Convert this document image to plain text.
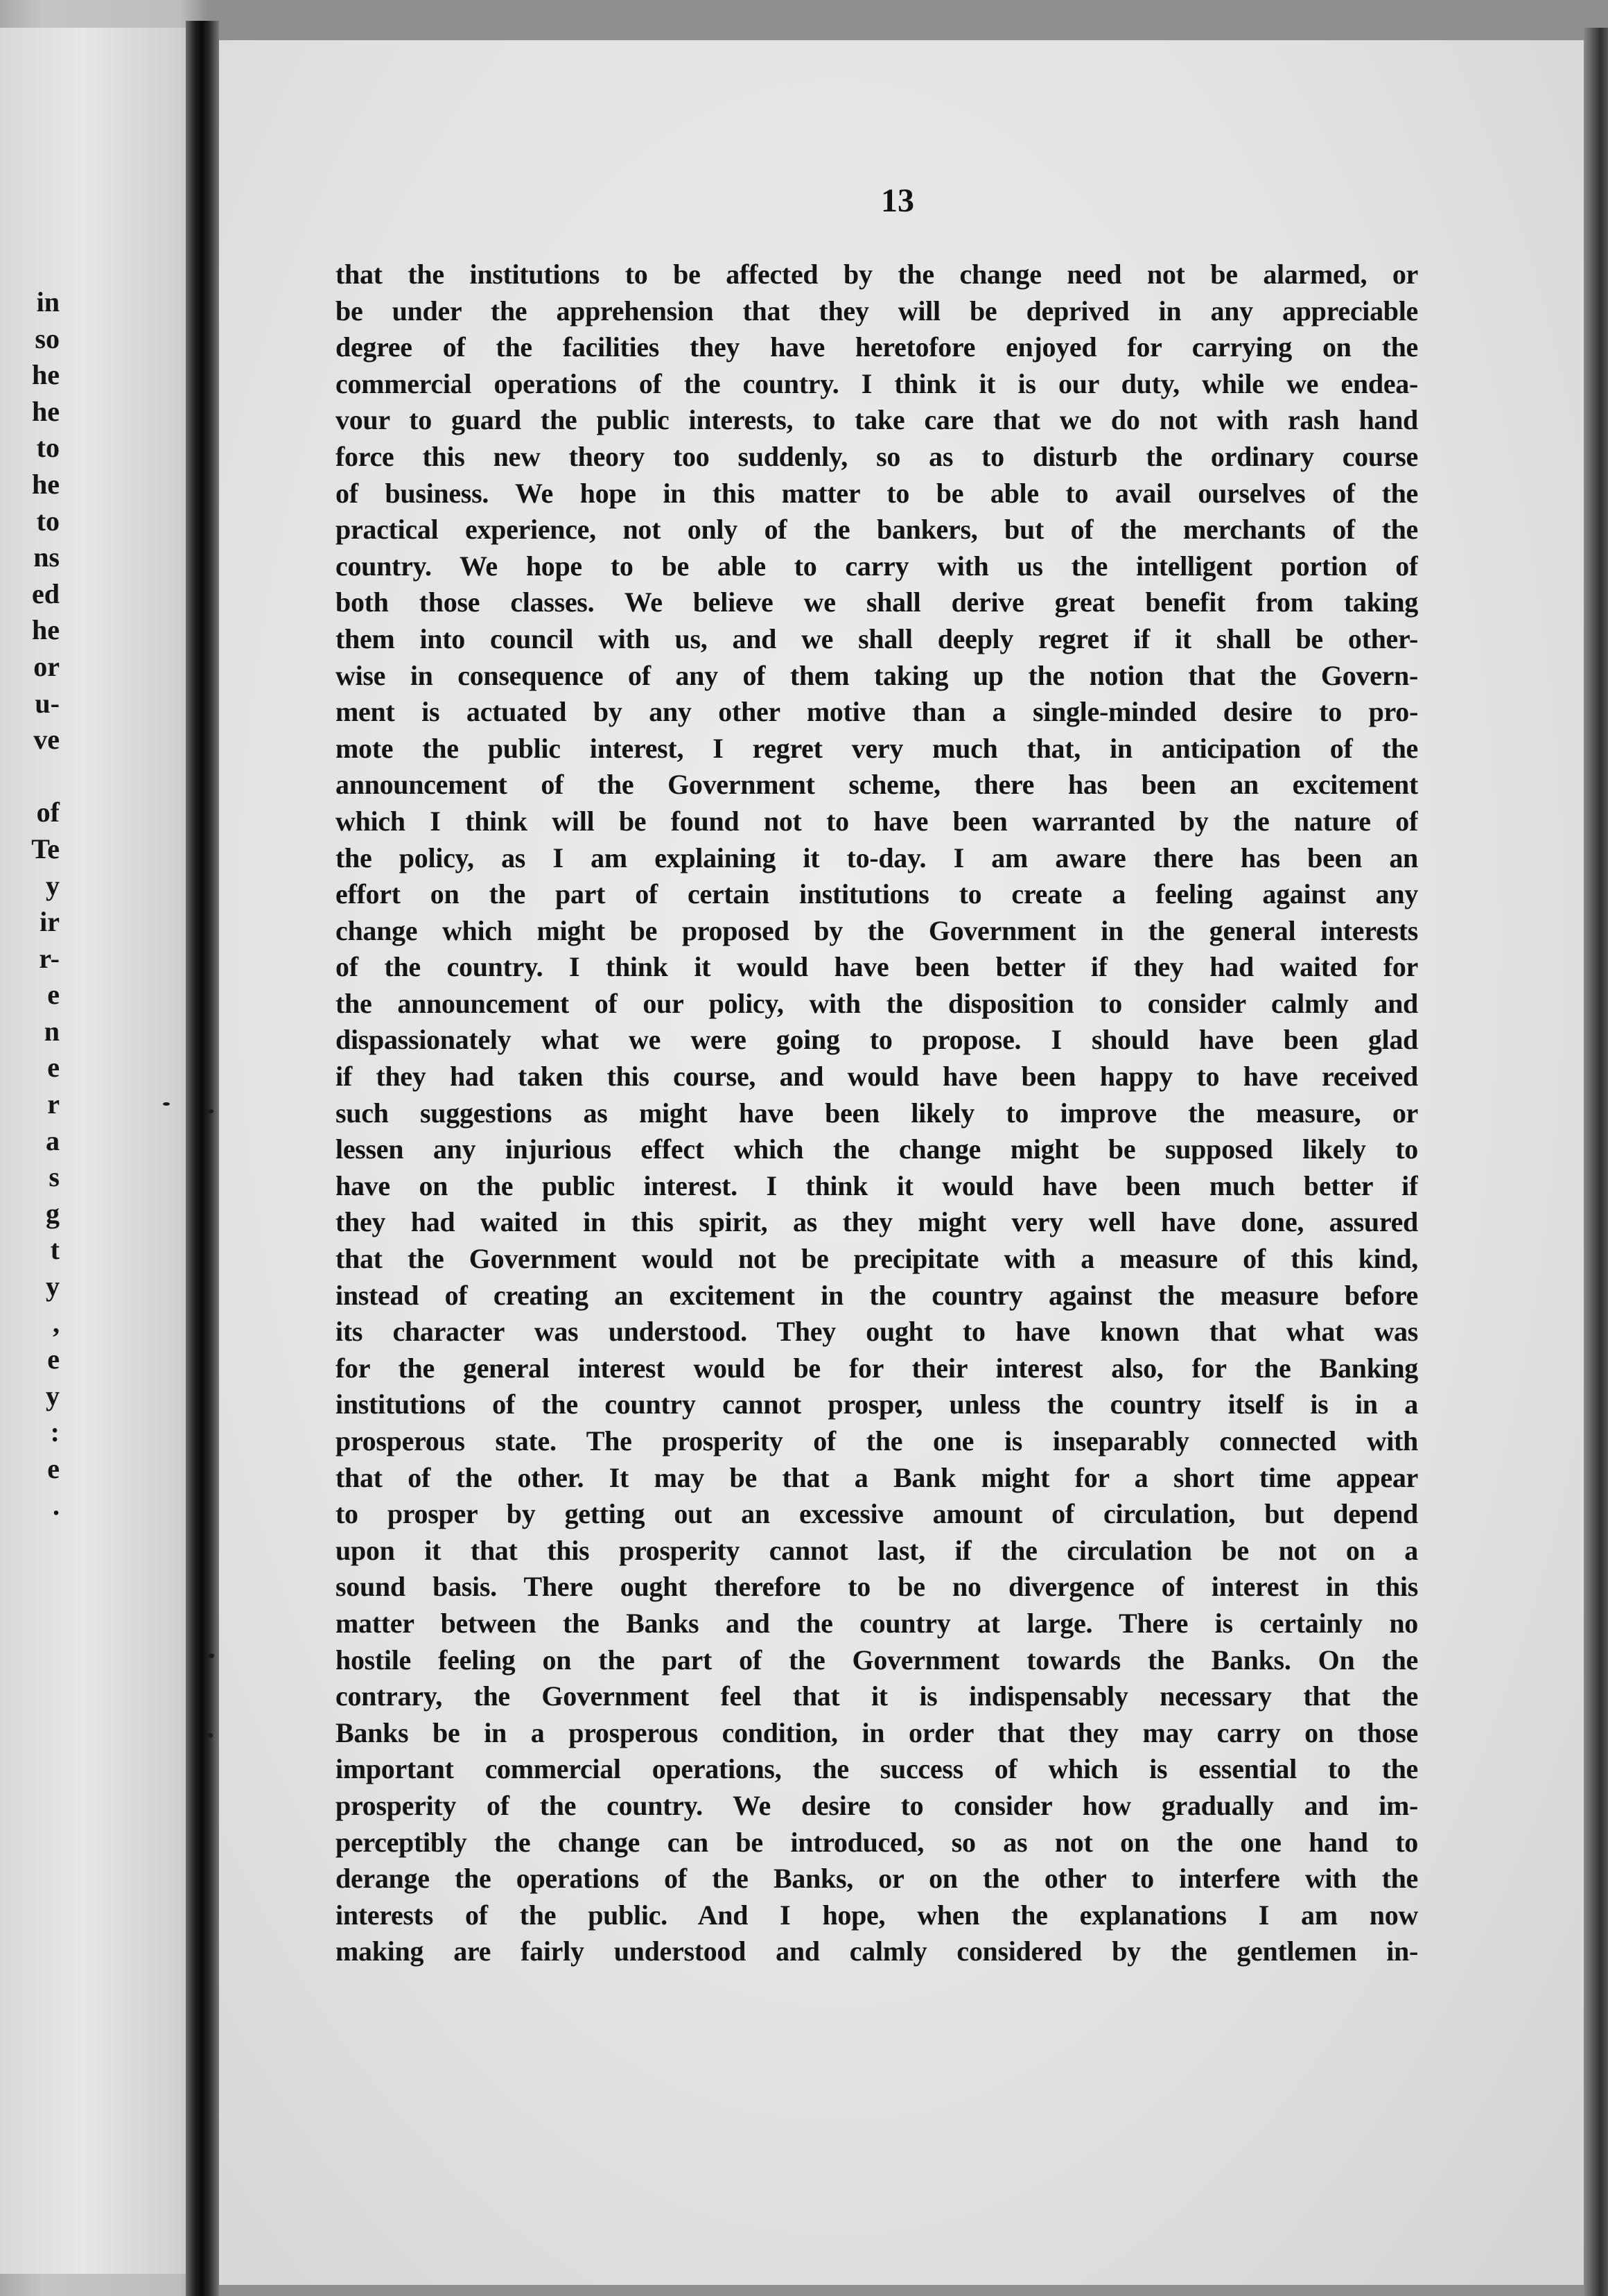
in
so
he
he
to
he
to
ns
ed
he
or
u-
ve
of
Te
y
ir
r-
e
n
e
r
a
s
g
t
y
,
e
y
:
e
.

13

that the institutions to be affected by the change need not be alarmed, or
be under the apprehension that they will be deprived in any appreciable
degree of the facilities they have heretofore enjoyed for carrying on the
commercial operations of the country. I think it is our duty, while we endea-
vour to guard the public interests, to take care that we do not with rash hand
force this new theory too suddenly, so as to disturb the ordinary course
of business. We hope in this matter to be able to avail ourselves of the
practical experience, not only of the bankers, but of the merchants of the
country. We hope to be able to carry with us the intelligent portion of
both those classes. We believe we shall derive great benefit from taking
them into council with us, and we shall deeply regret if it shall be other-
wise in consequence of any of them taking up the notion that the Govern-
ment is actuated by any other motive than a single-minded desire to pro-
mote the public interest, I regret very much that, in anticipation of the
announcement of the Government scheme, there has been an excitement
which I think will be found not to have been warranted by the nature of
the policy, as I am explaining it to-day. I am aware there has been an
effort on the part of certain institutions to create a feeling against any
change which might be proposed by the Government in the general interests
of the country. I think it would have been better if they had waited for
the announcement of our policy, with the disposition to consider calmly and
dispassionately what we were going to propose. I should have been glad
if they had taken this course, and would have been happy to have received
such suggestions as might have been likely to improve the measure, or
lessen any injurious effect which the change might be supposed likely to
have on the public interest. I think it would have been much better if
they had waited in this spirit, as they might very well have done, assured
that the Government would not be precipitate with a measure of this kind,
instead of creating an excitement in the country against the measure before
its character was understood. They ought to have known that what was
for the general interest would be for their interest also, for the Banking
institutions of the country cannot prosper, unless the country itself is in a
prosperous state. The prosperity of the one is inseparably connected with
that of the other. It may be that a Bank might for a short time appear
to prosper by getting out an excessive amount of circulation, but depend
upon it that this prosperity cannot last, if the circulation be not on a
sound basis. There ought therefore to be no divergence of interest in this
matter between the Banks and the country at large. There is certainly no
hostile feeling on the part of the Government towards the Banks. On the
contrary, the Government feel that it is indispensably necessary that the
Banks be in a prosperous condition, in order that they may carry on those
important commercial operations, the success of which is essential to the
prosperity of the country. We desire to consider how gradually and im-
perceptibly the change can be introduced, so as not on the one hand to
derange the operations of the Banks, or on the other to interfere with the
interests of the public. And I hope, when the explanations I am now
making are fairly understood and calmly considered by the gentlemen in-
